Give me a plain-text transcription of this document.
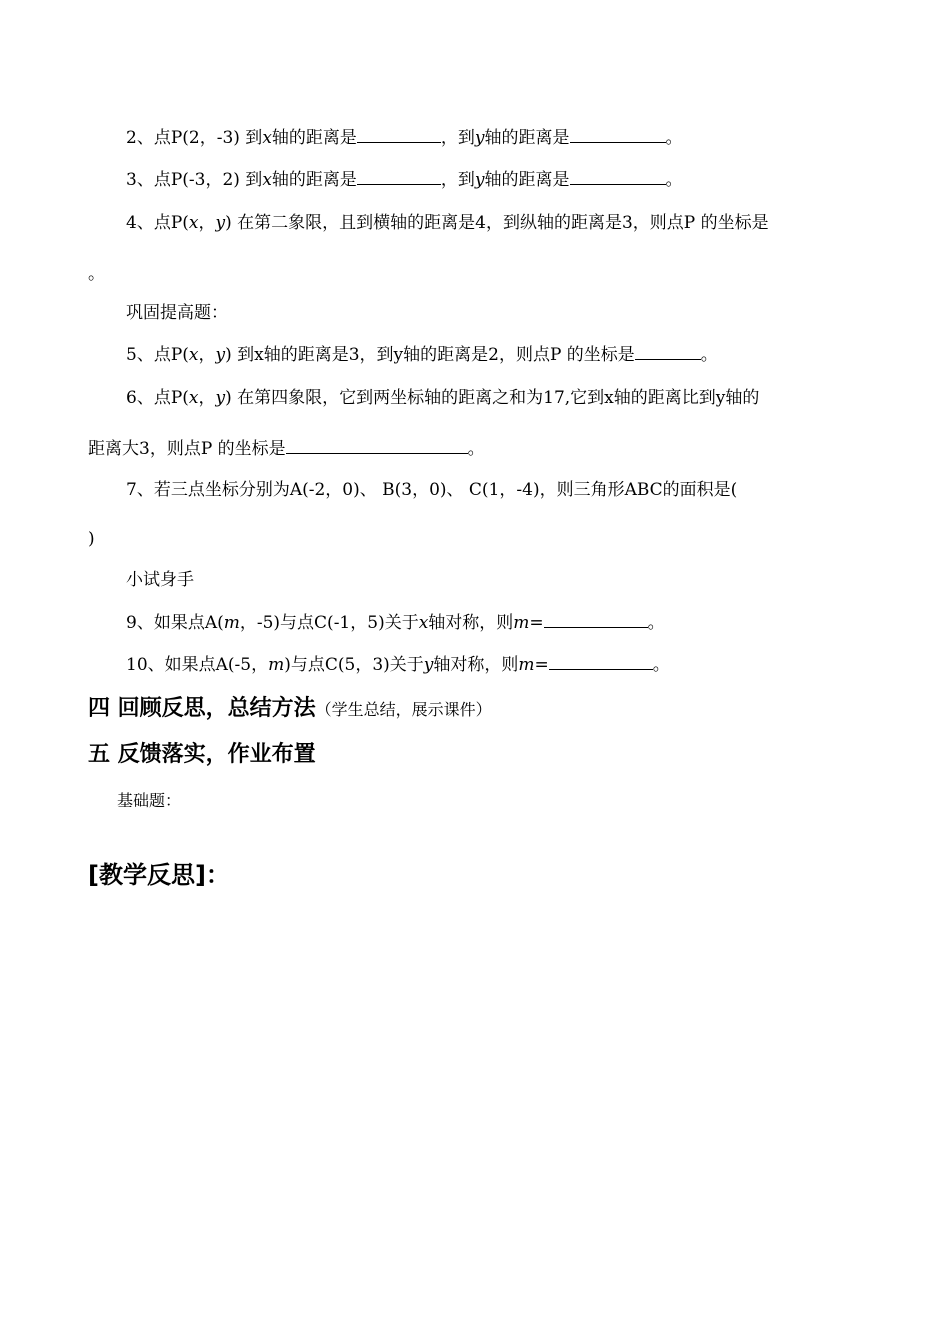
2、点P(2，-3) 到x轴的距离是	，到y轴的距离是	。
3、点P(-3，2) 到x轴的距离是	，到y轴的距离是	。
4、点P(x，y) 在第二象限，且到横轴的距离是4，到纵轴的距离是3，则点P 的坐标是
。
巩固提高题：
5、点P(x，y) 到x轴的距离是3，到y轴的距离是2，则点P 的坐标是	。
6、点P(x，y) 在第四象限，它到两坐标轴的距离之和为17,它到x轴的距离比到y轴的
距离大3，则点P 的坐标是	。
7、若三点坐标分别为A(-2，0)、 B(3，0)、 C(1，-4)，则三角形ABC的面积是(
)
小试身手
9、如果点A(m，-5)与点C(-1，5)关于x轴对称，则m=	。
10、如果点A(-5，m)与点C(5，3)关于y轴对称，则m=	。
四 回顾反思，总结方法（学生总结，展示课件）
五 反馈落实，作业布置
基础题：
[教学反思]：
